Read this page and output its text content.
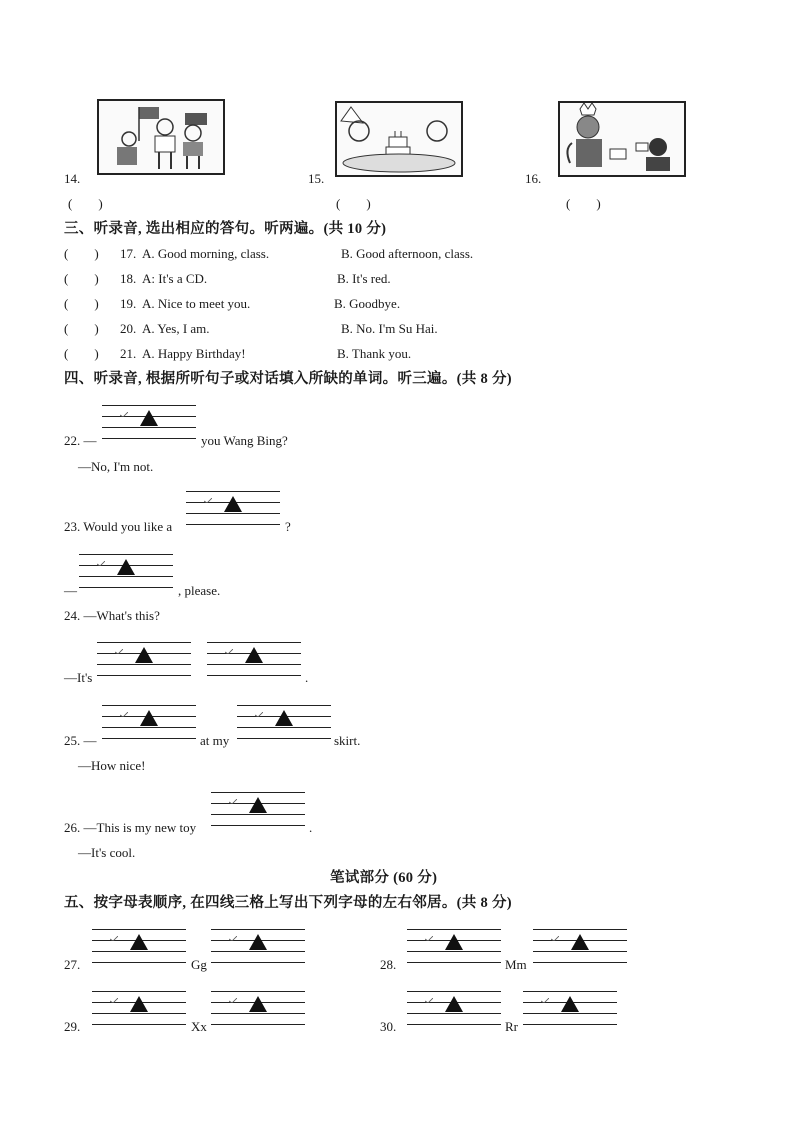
14.
(　　)
15.
(　　)
16.
(　　)
三、听录音, 选出相应的答句。听两遍。(共 10 分)
(　　) 17. A. Good morning, class.	B. Good afternoon, class.
(　　) 18. A: It's a CD.	B. It's red.
(　　) 19. A. Nice to meet you.	B. Goodbye.
(　　) 20. A. Yes, I am.	B. No. I'm Su Hai.
(　　) 21. A. Happy Birthday!	B. Thank you.
四、听录音, 根据所听句子或对话填入所缺的单词。听三遍。(共 8 分)
22. —	you Wang Bing?
—No, I'm not.
23. Would you like a	?
—	, please.
24. —What's this?
—It's	.
25. —	at my	skirt.
—How nice!
26. —This is my new toy	.
—It's cool.
笔试部分 (60 分)
五、按字母表顺序, 在四线三格上写出下列字母的左右邻居。(共 8 分)
27.	Gg	28.	Mm
29.	Xx	30.	Rr
